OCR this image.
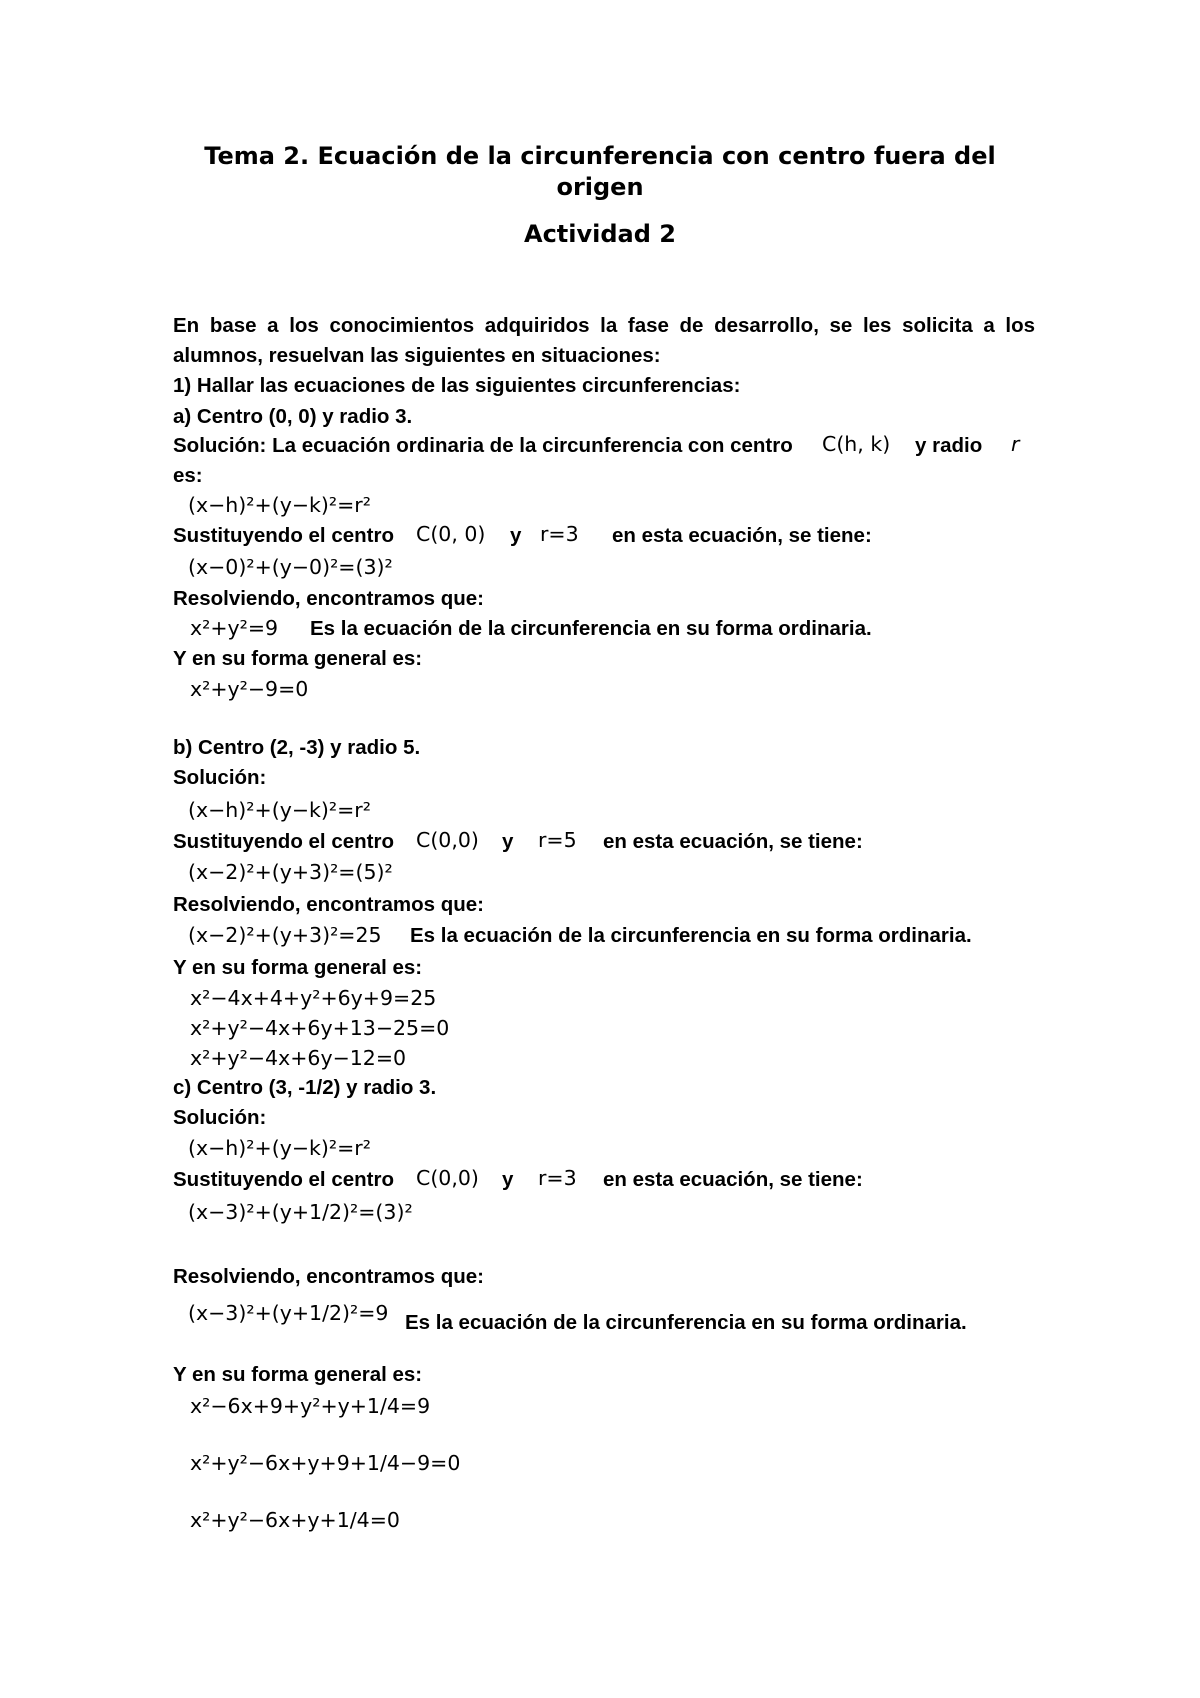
Tema 2. Ecuación de la circunferencia con centro fuera del
origen
Actividad 2
En base a los conocimientos adquiridos la fase de desarrollo, se les solicita a los
alumnos, resuelvan las siguientes en situaciones:
1) Hallar las ecuaciones de las siguientes circunferencias:
a) Centro (0, 0) y radio 3.
Solución: La ecuación ordinaria de la circunferencia con centro C(h, k) y radio r
es:
(x−h)²+(y−k)²=r²
Sustituyendo el centro C(0, 0) y r=3 en esta ecuación, se tiene:
(x−0)²+(y−0)²=(3)²
Resolviendo, encontramos que:
x²+y²=9 Es la ecuación de la circunferencia en su forma ordinaria.
Y en su forma general es:
x²+y²−9=0
b) Centro (2, -3) y radio 5.
Solución:
(x−h)²+(y−k)²=r²
Sustituyendo el centro C(0,0) y r=5 en esta ecuación, se tiene:
(x−2)²+(y+3)²=(5)²
Resolviendo, encontramos que:
(x−2)²+(y+3)²=25 Es la ecuación de la circunferencia en su forma ordinaria.
Y en su forma general es:
x²−4x+4+y²+6y+9=25
x²+y²−4x+6y+13−25=0
x²+y²−4x+6y−12=0
c) Centro (3, -1/2) y radio 3.
Solución:
(x−h)²+(y−k)²=r²
Sustituyendo el centro C(0,0) y r=3 en esta ecuación, se tiene:
(x−3)²+(y+1/2)²=(3)²
Resolviendo, encontramos que:
(x−3)²+(y+1/2)²=9 Es la ecuación de la circunferencia en su forma ordinaria.
Y en su forma general es:
x²−6x+9+y²+y+1/4=9
x²+y²−6x+y+9+1/4−9=0
x²+y²−6x+y+1/4=0
